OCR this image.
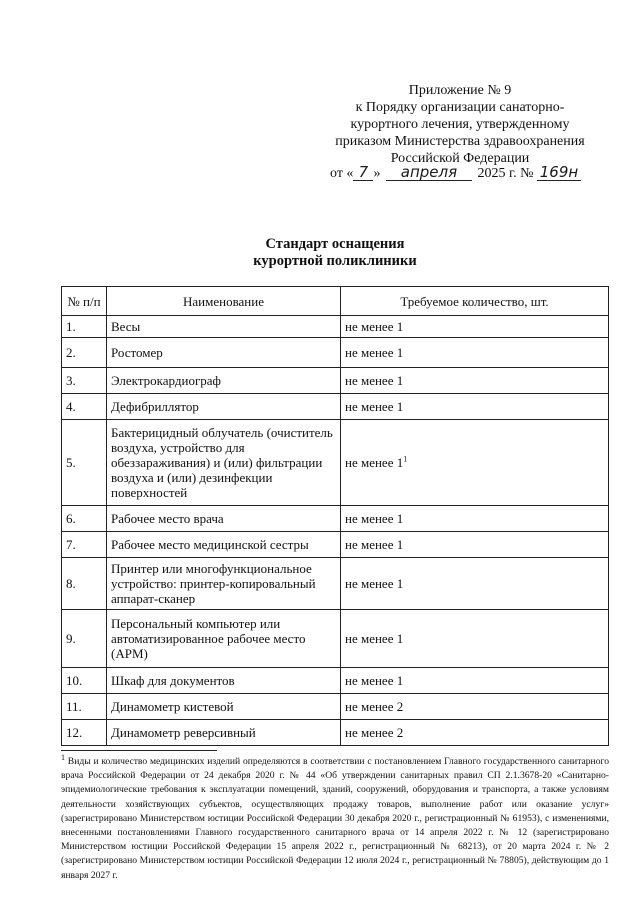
Приложение № 9
к Порядку организации санаторно-
курортного лечения, утвержденному
приказом Министерства здравоохранения
Российской Федерации
от « 7 » апреля 2025 г. № 169н
Стандарт оснащения
курортной поликлиники
№ п/п	Наименование	Требуемое количество, шт.
1.	Весы	не менее 1
2.	Ростомер	не менее 1
3.	Электрокардиограф	не менее 1
4.	Дефибриллятор	не менее 1
5.	Бактерицидный облучатель (очиститель воздуха, устройство для обеззараживания) и (или) фильтрации воздуха и (или) дезинфекции поверхностей	не менее $1^1$
6.	Рабочее место врача	не менее 1
7.	Рабочее место медицинской сестры	не менее 1
8.	Принтер или многофункциональное устройство: принтер-копировальный аппарат-сканер	не менее 1
9.	Персональный компьютер или автоматизированное рабочее место (АРМ)	не менее 1
10.	Шкаф для документов	не менее 1
11.	Динамометр кистевой	не менее 2
12.	Динамометр реверсивный	не менее 2
$^1$ Виды и количество медицинских изделий определяются в соответствии с постановлением Главного государственного санитарного врача Российской Федерации от 24 декабря 2020 г. № 44 «Об утверждении санитарных правил СП 2.1.3678-20 «Санитарно-эпидемиологические требования к эксплуатации помещений, зданий, сооружений, оборудования и транспорта, а также условиям деятельности хозяйствующих субъектов, осуществляющих продажу товаров, выполнение работ или оказание услуг» (зарегистрировано Министерством юстиции Российской Федерации 30 декабря 2020 г., регистрационный № 61953), с изменениями, внесенными постановлениями Главного государственного санитарного врача от 14 апреля 2022 г. № 12 (зарегистрировано Министерством юстиции Российской Федерации 15 апреля 2022 г., регистрационный № 68213), от 20 марта 2024 г. № 2 (зарегистрировано Министерством юстиции Российской Федерации 12 июля 2024 г., регистрационный № 78805), действующим до 1 января 2027 г.
